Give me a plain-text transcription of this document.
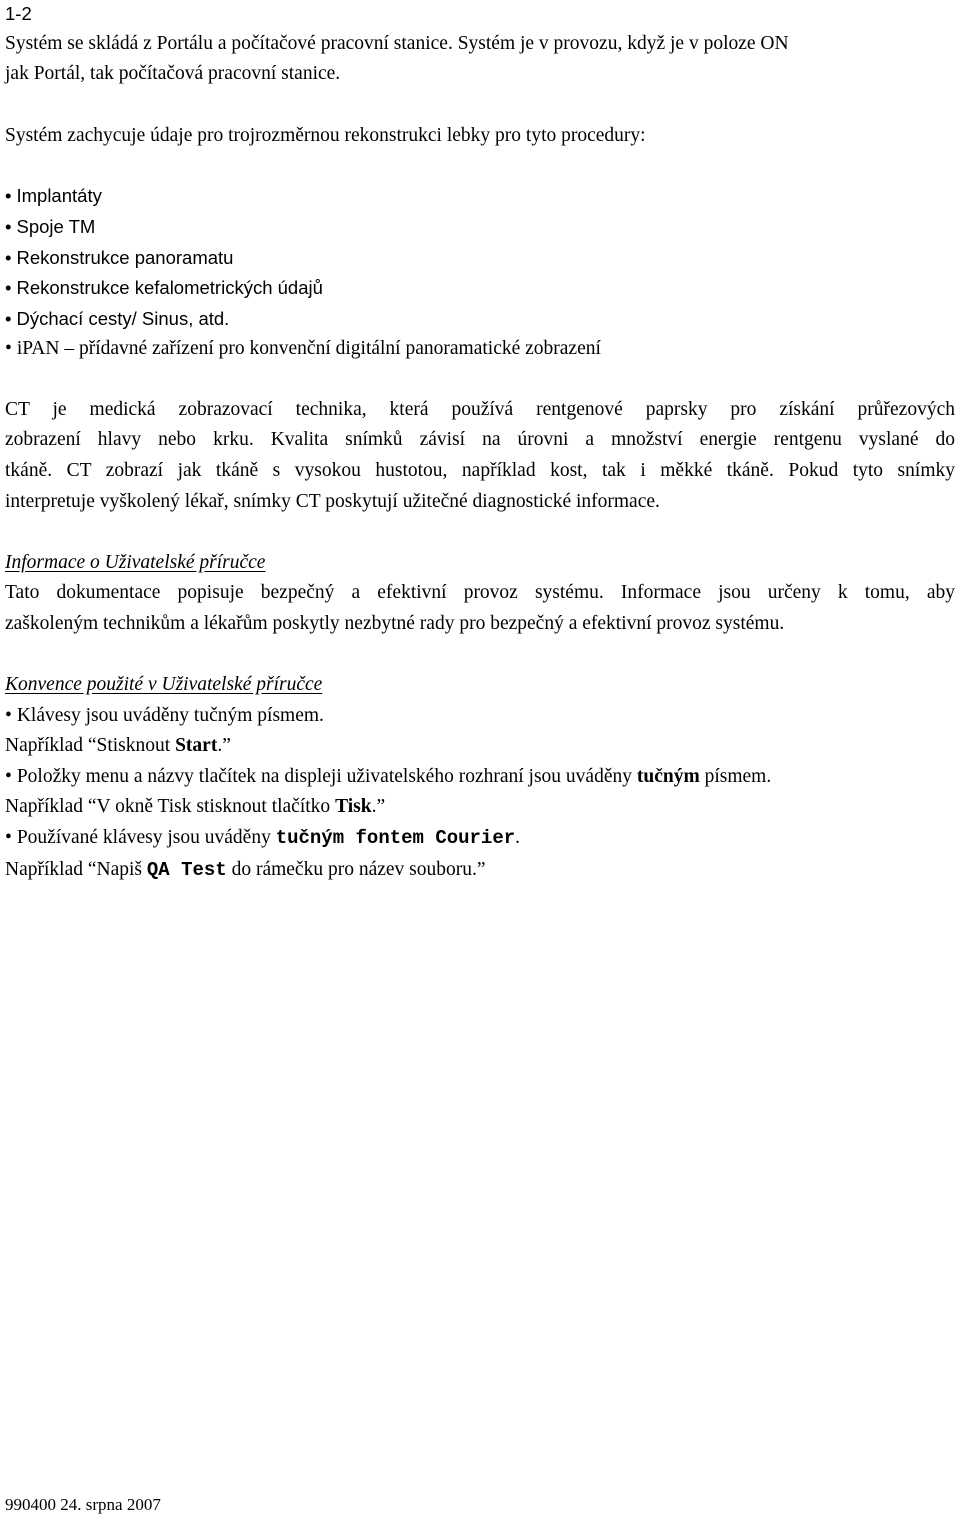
1-2
Systém se skládá z Portálu a počítačové pracovní stanice. Systém je v provozu, když je v poloze ON
jak Portál, tak počítačová pracovní stanice.
Systém zachycuje údaje pro trojrozměrnou rekonstrukci lebky pro tyto procedury:
• Implantáty
• Spoje TM
• Rekonstrukce panoramatu
• Rekonstrukce kefalometrických údajů
• Dýchací cesty/ Sinus, atd.
• iPAN – přídavné zařízení pro konvenční digitální panoramatické zobrazení
CT je medická zobrazovací technika, která používá rentgenové paprsky pro získání průřezových
zobrazení hlavy nebo krku. Kvalita snímků závisí na úrovni a množství energie rentgenu vyslané do
tkáně. CT zobrazí jak tkáně s vysokou hustotou, například kost, tak i měkké tkáně. Pokud tyto snímky
interpretuje vyškolený lékař, snímky CT poskytují užitečné diagnostické informace.
Informace o Uživatelské příručce
Tato dokumentace popisuje bezpečný a efektivní provoz systému. Informace jsou určeny k tomu, aby
zaškoleným technikům a lékařům poskytly nezbytné rady pro bezpečný a efektivní provoz systému.
Konvence použité v Uživatelské příručce
• Klávesy jsou uváděny tučným písmem.
Například “Stisknout Start.”
• Položky menu a názvy tlačítek na displeji uživatelského rozhraní jsou uváděny tučným písmem.
Například “V okně Tisk stisknout tlačítko Tisk.”
• Používané klávesy jsou uváděny tučným fontem Courier.
Například “Napiš QA Test do rámečku pro název souboru.”
990400 24. srpna 2007
